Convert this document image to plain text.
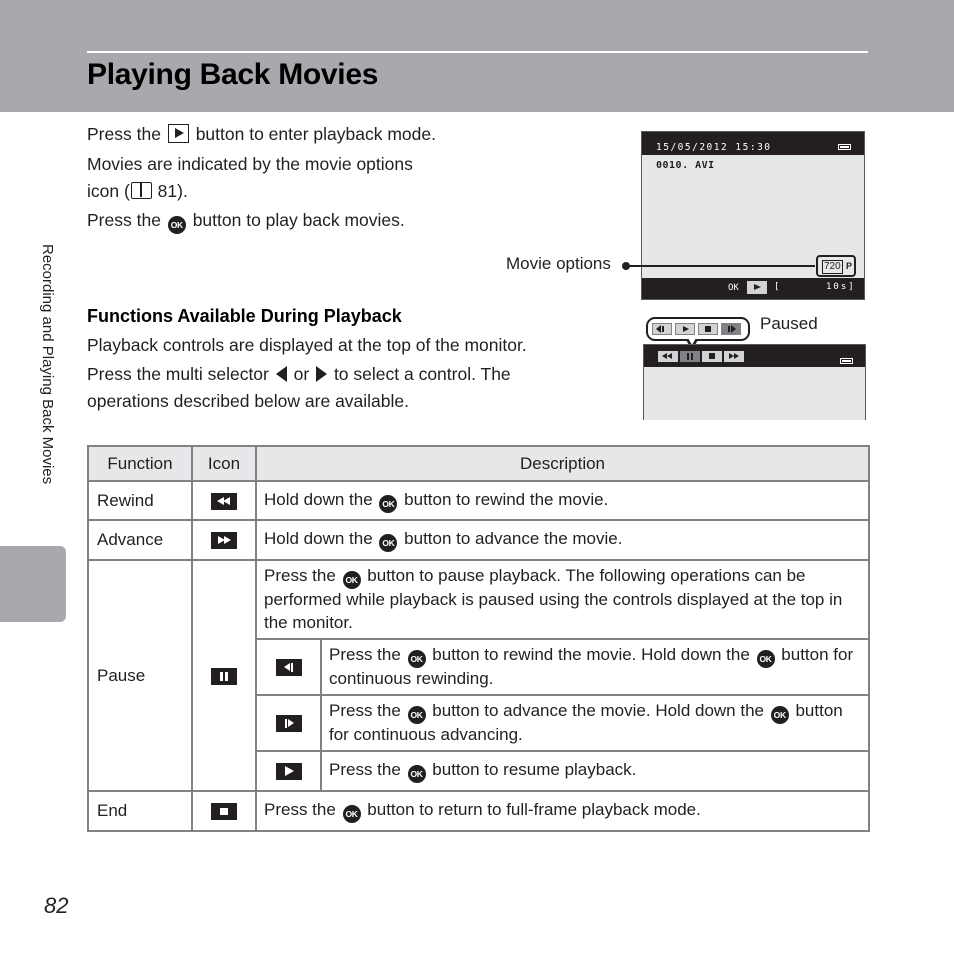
Playing Back Movies
Recording and Playing Back Movies
Press the button to enter playback mode.
Movies are indicated by the movie options
icon ( 81).
Press the OK button to play back movies.
15/05/2012 15:30
0010. AVI
OK	[	10s]
720 P
Movie options
Paused
Functions Available During Playback
Playback controls are displayed at the top of the monitor.
Press the multi selector or to select a control. The
operations described below are available.
Function	Icon	Description	
Rewind		Hold down the OK button to rewind the movie.	
Advance		Hold down the OK button to advance the movie.	
Pause		Press the OK button to pause playback. The following operations can be performed while playback is paused using the controls displayed at the top in the monitor.	

			Press the OK button to rewind the movie. Hold down the OK button for continuous rewinding.

			Press the OK button to advance the movie. Hold down the OK button for continuous advancing.

			Press the OK button to resume playback.
End		Press the OK button to return to full-frame playback mode.	
82
